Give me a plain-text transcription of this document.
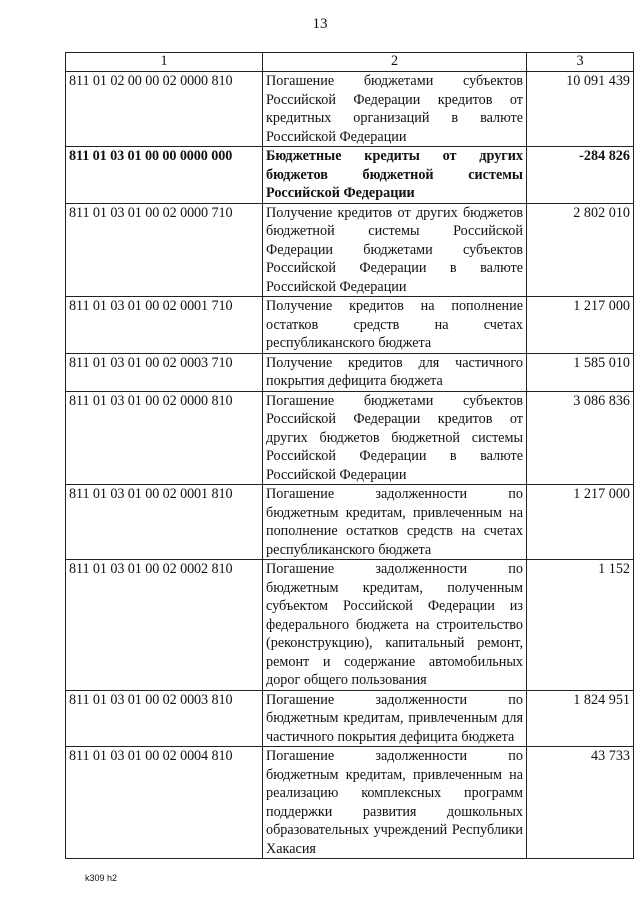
13
1	2	3
811 01 02 00 00 02 0000 810	Погашение бюджетами субъектов Российской Федерации кредитов от кредитных организаций в валюте Российской Федерации	10 091 439
811 01 03 01 00 00 0000 000	Бюджетные кредиты от других бюджетов бюджетной системы Российской Федерации	-284 826
811 01 03 01 00 02 0000 710	Получение кредитов от других бюджетов бюджетной системы Российской Федерации бюджетами субъектов Российской Федерации в валюте Российской Федерации	2 802 010
811 01 03 01 00 02 0001 710	Получение кредитов на пополнение остатков средств на счетах республиканского бюджета	1 217 000
811 01 03 01 00 02 0003 710	Получение кредитов для частичного покрытия дефицита бюджета	1 585 010
811 01 03 01 00 02 0000 810	Погашение бюджетами субъектов Российской Федерации кредитов от других бюджетов бюджетной системы Российской Федерации в валюте Российской Федерации	3 086 836
811 01 03 01 00 02 0001 810	Погашение задолженности по бюджетным кредитам, привлеченным на пополнение остатков средств на счетах республиканского бюджета	1 217 000
811 01 03 01 00 02 0002 810	Погашение задолженности по бюджетным кредитам, полученным субъектом Российской Федерации из федерального бюджета на строительство (реконструкцию), капитальный ремонт, ремонт и содержание автомобильных дорог общего пользования	1 152
811 01 03 01 00 02 0003 810	Погашение задолженности по бюджетным кредитам, привлеченным для частичного покрытия дефицита бюджета	1 824 951
811 01 03 01 00 02 0004 810	Погашение задолженности по бюджетным кредитам, привлеченным на реализацию комплексных программ поддержки развития дошкольных образовательных учреждений Республики Хакасия	43 733
k309 h2
